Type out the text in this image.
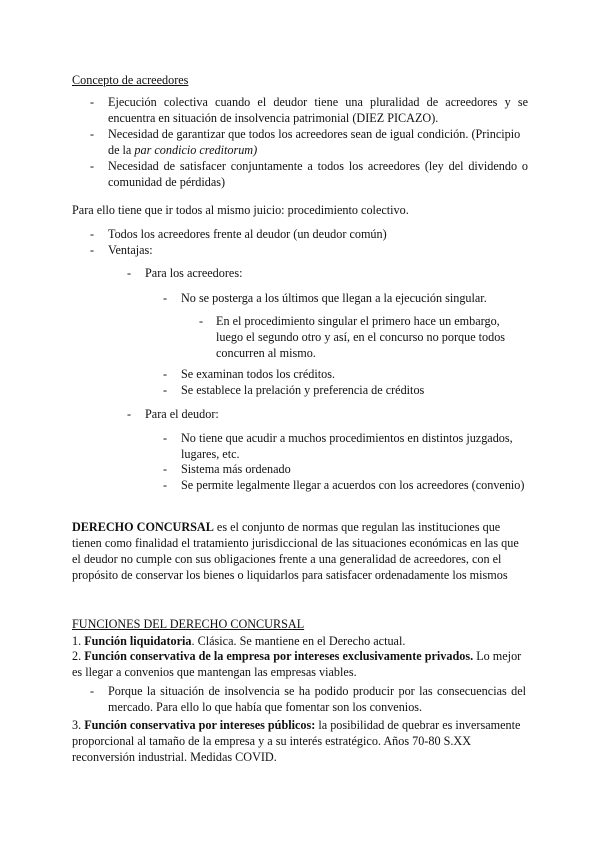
Concepto de acreedores
- Ejecución colectiva cuando el deudor tiene una pluralidad de acreedores y se encuentra en situación de insolvencia patrimonial (DIEZ PICAZO).
- Necesidad de garantizar que todos los acreedores sean de igual condición. (Principio de la par condicio creditorum)
- Necesidad de satisfacer conjuntamente a todos los acreedores (ley del dividendo o comunidad de pérdidas)
Para ello tiene que ir todos al mismo juicio: procedimiento colectivo.
- Todos los acreedores frente al deudor (un deudor común)
- Ventajas:
- Para los acreedores:
- No se posterga a los últimos que llegan a la ejecución singular.
- En el procedimiento singular el primero hace un embargo, luego el segundo otro y así, en el concurso no porque todos concurren al mismo.
- Se examinan todos los créditos.
- Se establece la prelación y preferencia de créditos
- Para el deudor:
- No tiene que acudir a muchos procedimientos en distintos juzgados, lugares, etc.
- Sistema más ordenado
- Se permite legalmente llegar a acuerdos con los acreedores (convenio)
DERECHO CONCURSAL es el conjunto de normas que regulan las instituciones que tienen como finalidad el tratamiento jurisdiccional de las situaciones económicas en las que el deudor no cumple con sus obligaciones frente a una generalidad de acreedores, con el propósito de conservar los bienes o liquidarlos para satisfacer ordenadamente los mismos
FUNCIONES DEL DERECHO CONCURSAL
1. Función liquidatoria. Clásica. Se mantiene en el Derecho actual.
2. Función conservativa de la empresa por intereses exclusivamente privados. Lo mejor es llegar a convenios que mantengan las empresas viables.
- Porque la situación de insolvencia se ha podido producir por las consecuencias del mercado. Para ello lo que había que fomentar son los convenios.
3. Función conservativa por intereses públicos: la posibilidad de quebrar es inversamente proporcional al tamaño de la empresa y a su interés estratégico. Años 70-80 S.XX reconversión industrial. Medidas COVID.
